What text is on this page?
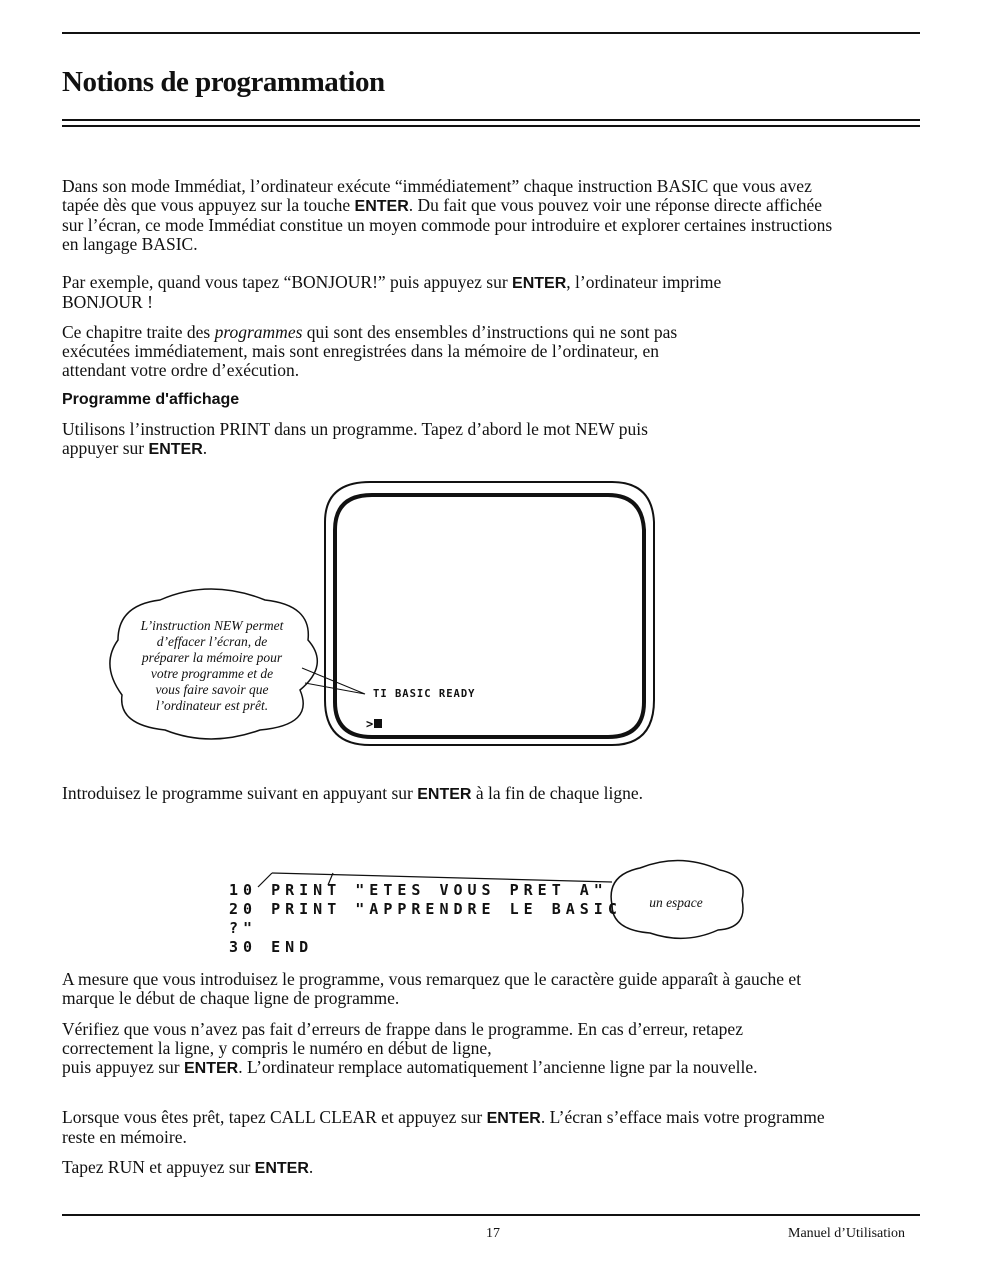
Notions de programmation
Dans son mode Immédiat, l’ordinateur exécute “immédiatement” chaque instruction BASIC que vous avez tapée dès que vous appuyez sur la touche ENTER. Du fait que vous pouvez voir une réponse directe affichée sur l’écran, ce mode Immédiat constitue un moyen commode pour introduire et explorer certaines instructions en langage BASIC.
Par exemple, quand vous tapez “BONJOUR!” puis appuyez sur ENTER, l’ordinateur imprime BONJOUR !
Ce chapitre traite des programmes qui sont des ensembles d’instructions qui ne sont pas exécutées immédiatement, mais sont enregistrées dans la mémoire de l’ordinateur, en attendant votre ordre d’exécution.
Programme d'affichage
Utilisons l’instruction PRINT dans un programme. Tapez d’abord le mot NEW puis appuyer sur ENTER.
TI BASIC READY
>
L’instruction NEW permet
d’effacer l’écran, de
préparer la mémoire pour
votre programme et de
vous faire savoir que
l’ordinateur est prêt.
Introduisez le programme suivant en appuyant sur ENTER à la fin de chaque ligne.
10 PRINT "ETES VOUS PRET A"
20 PRINT "APPRENDRE LE BASIC
?"
30 END
un espace
A mesure que vous introduisez le programme, vous remarquez que le caractère guide apparaît à gauche et marque le début de chaque ligne de programme.
Vérifiez que vous n’avez pas fait d’erreurs de frappe dans le programme. En cas d’erreur, retapez correctement la ligne, y compris le numéro en début de ligne,
puis appuyez sur ENTER. L’ordinateur remplace automatiquement l’ancienne ligne par la nouvelle.
Lorsque vous êtes prêt, tapez CALL CLEAR et appuyez sur ENTER. L’écran s’efface mais votre programme reste en mémoire.
Tapez RUN et appuyez sur ENTER.
17	Manuel d’Utilisation
